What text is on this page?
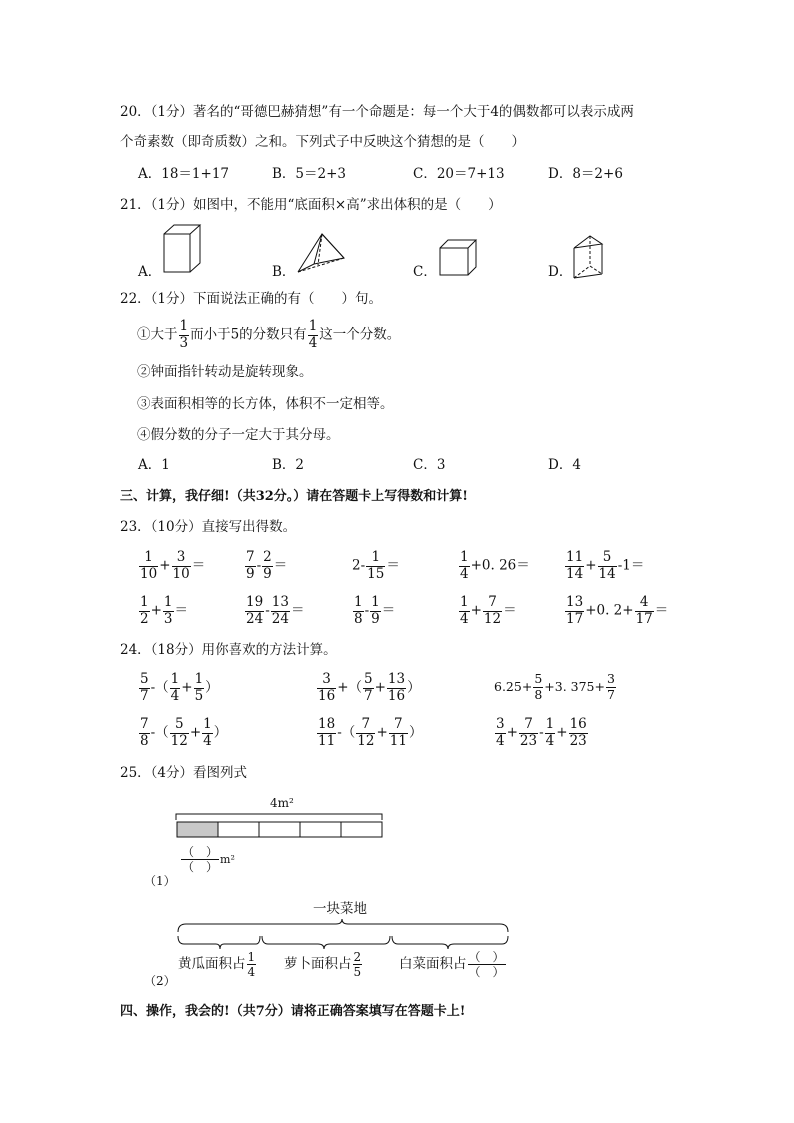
20．（1分）著名的“哥德巴赫猜想”有一个命题是：每一个大于4的偶数都可以表示成两
个奇素数（即奇质数）之和。下列式子中反映这个猜想的是（　　）
A．18＝1+17	B．5＝2+3	C．20＝7+13	D．8＝2+6
21．（1分）如图中，不能用“底面积×高”求出体积的是（　　）
A．	B．	C．	D．
22．（1分）下面说法正确的有（　　）句。
①大于 $\frac{1}{3}$ 而小于5的分数只有 $\frac{1}{4}$ 这一个分数。
②钟面指针转动是旋转现象。
③表面积相等的长方体，体积不一定相等。
④假分数的分子一定大于其分母。
A．1	B．2	C．3	D．4
三、计算，我仔细!（共32分。）请在答题卡上写得数和计算!
23．（10分）直接写出得数。
$\frac{1}{10} + \frac{3}{10}$ ＝	$\frac{7}{9} - \frac{2}{9}$ ＝	$2- \frac{1}{15}$ ＝	$\frac{1}{4} +0$. 26＝	$\frac{11}{14} + \frac{5}{14} -1=$
$\frac{1}{2} + \frac{1}{3}$ ＝	$\frac{19}{24} - \frac{13}{24}$ ＝	$\frac{1}{8} - \frac{1}{9}$ ＝	$\frac{1}{4} + \frac{7}{12}$ ＝	$\frac{13}{17} +0$. $2+ \frac{4}{17}$ ＝
24．（18分）用你喜欢的方法计算。
$\frac{5}{7}$ -（ $\frac{1}{4} + \frac{1}{5}$ ）	$\frac{3}{16}$ +（ $\frac{5}{7} + \frac{13}{16}$ ）	$6.25+ \frac{5}{8} +3$. $375+ \frac{3}{7}$
$\frac{7}{8}$ -（ $\frac{5}{12} + \frac{1}{4}$ ）	$\frac{18}{11}$ -（ $\frac{7}{12} + \frac{7}{11}$ ）	$\frac{3}{4} + \frac{7}{23} - \frac{1}{4} + \frac{16}{23}$
25．（4分）看图列式
4m²
$\frac{( )}{( )} m^2$
（1）
一块菜地
黄瓜面积占 $\frac{1}{4}$ 萝卜面积占 $\frac{2}{5}$	白菜面积占 $\frac{( )}{( )}$
（2）
四、操作，我会的!（共7分）请将正确答案填写在答题卡上!
